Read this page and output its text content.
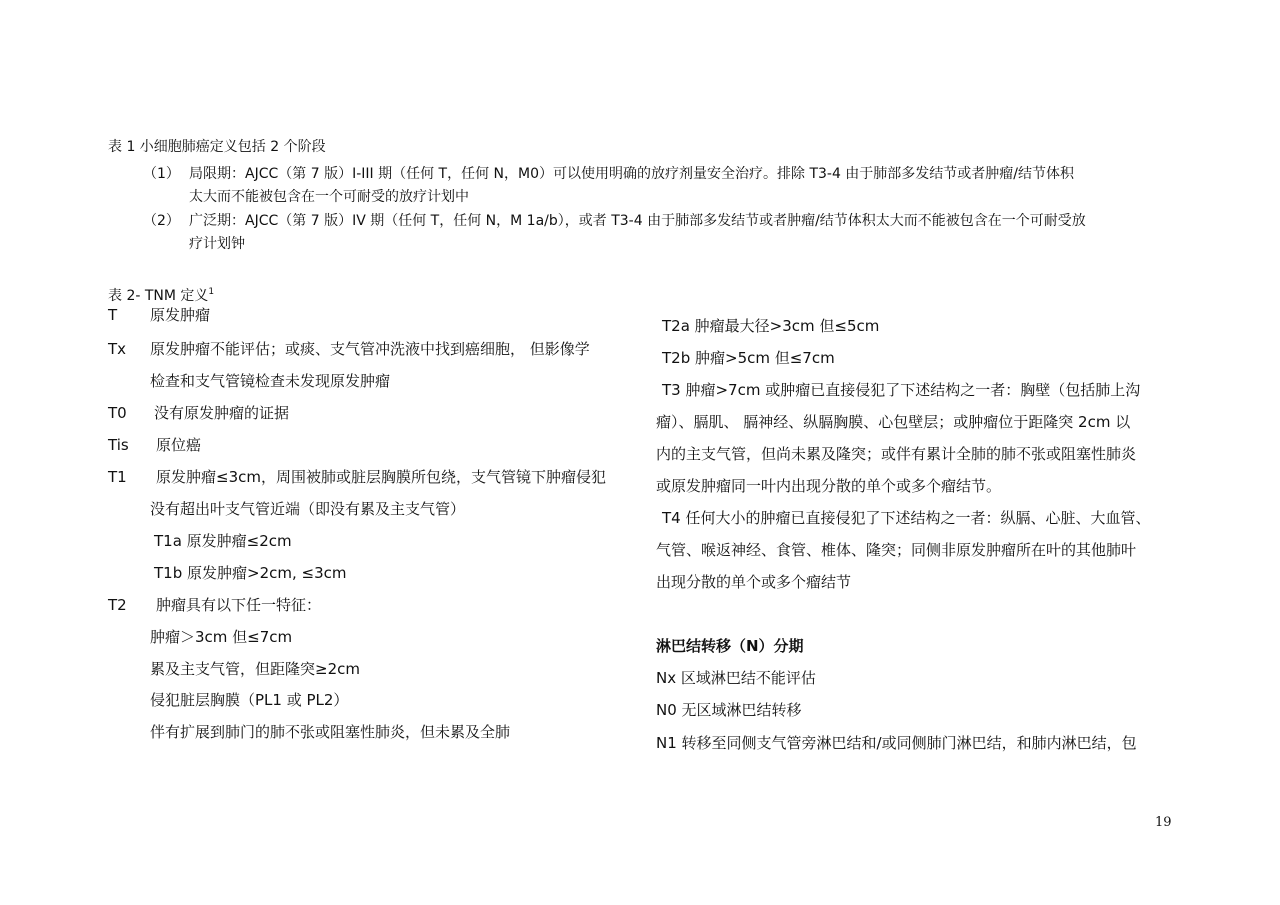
表 1 小细胞肺癌定义包括 2 个阶段
（1） 局限期：AJCC（第 7 版）I-III 期（任何 T，任何 N，M0）可以使用明确的放疗剂量安全治疗。排除 T3-4 由于肺部多发结节或者肿瘤/结节体积
太大而不能被包含在一个可耐受的放疗计划中
（2） 广泛期：AJCC（第 7 版）IV 期（任何 T，任何 N，M 1a/b），或者 T3-4 由于肺部多发结节或者肿瘤/结节体积太大而不能被包含在一个可耐受放
疗计划钟
表 2- TNM 定义$^1$
T 原发肿瘤
Tx 原发肿瘤不能评估；或痰、支气管冲洗液中找到癌细胞， 但影像学
检查和支气管镜检查未发现原发肿瘤
T0 没有原发肿瘤的证据
Tis 原位癌
T1 原发肿瘤≤3cm，周围被肺或脏层胸膜所包绕，支气管镜下肿瘤侵犯
没有超出叶支气管近端（即没有累及主支气管）
T1a 原发肿瘤≤2cm
T1b 原发肿瘤>2cm, ≤3cm
T2 肿瘤具有以下任一特征：
肿瘤＞3cm 但≤7cm
累及主支气管，但距隆突≥2cm
侵犯脏层胸膜（PL1 或 PL2）
伴有扩展到肺门的肺不张或阻塞性肺炎，但未累及全肺
T2a 肿瘤最大径>3cm 但≤5cm
T2b 肿瘤>5cm 但≤7cm
T3 肿瘤>7cm 或肿瘤已直接侵犯了下述结构之一者：胸壁（包括肺上沟
瘤）、膈肌、 膈神经、纵膈胸膜、心包壁层；或肿瘤位于距隆突 2cm 以
内的主支气管，但尚未累及隆突；或伴有累计全肺的肺不张或阻塞性肺炎
或原发肿瘤同一叶内出现分散的单个或多个瘤结节。
T4 任何大小的肿瘤已直接侵犯了下述结构之一者：纵膈、心脏、大血管、
气管、喉返神经、食管、椎体、隆突；同侧非原发肿瘤所在叶的其他肺叶
出现分散的单个或多个瘤结节
淋巴结转移（N）分期
Nx 区域淋巴结不能评估
N0 无区域淋巴结转移
N1 转移至同侧支气管旁淋巴结和/或同侧肺门淋巴结，和肺内淋巴结，包
19
